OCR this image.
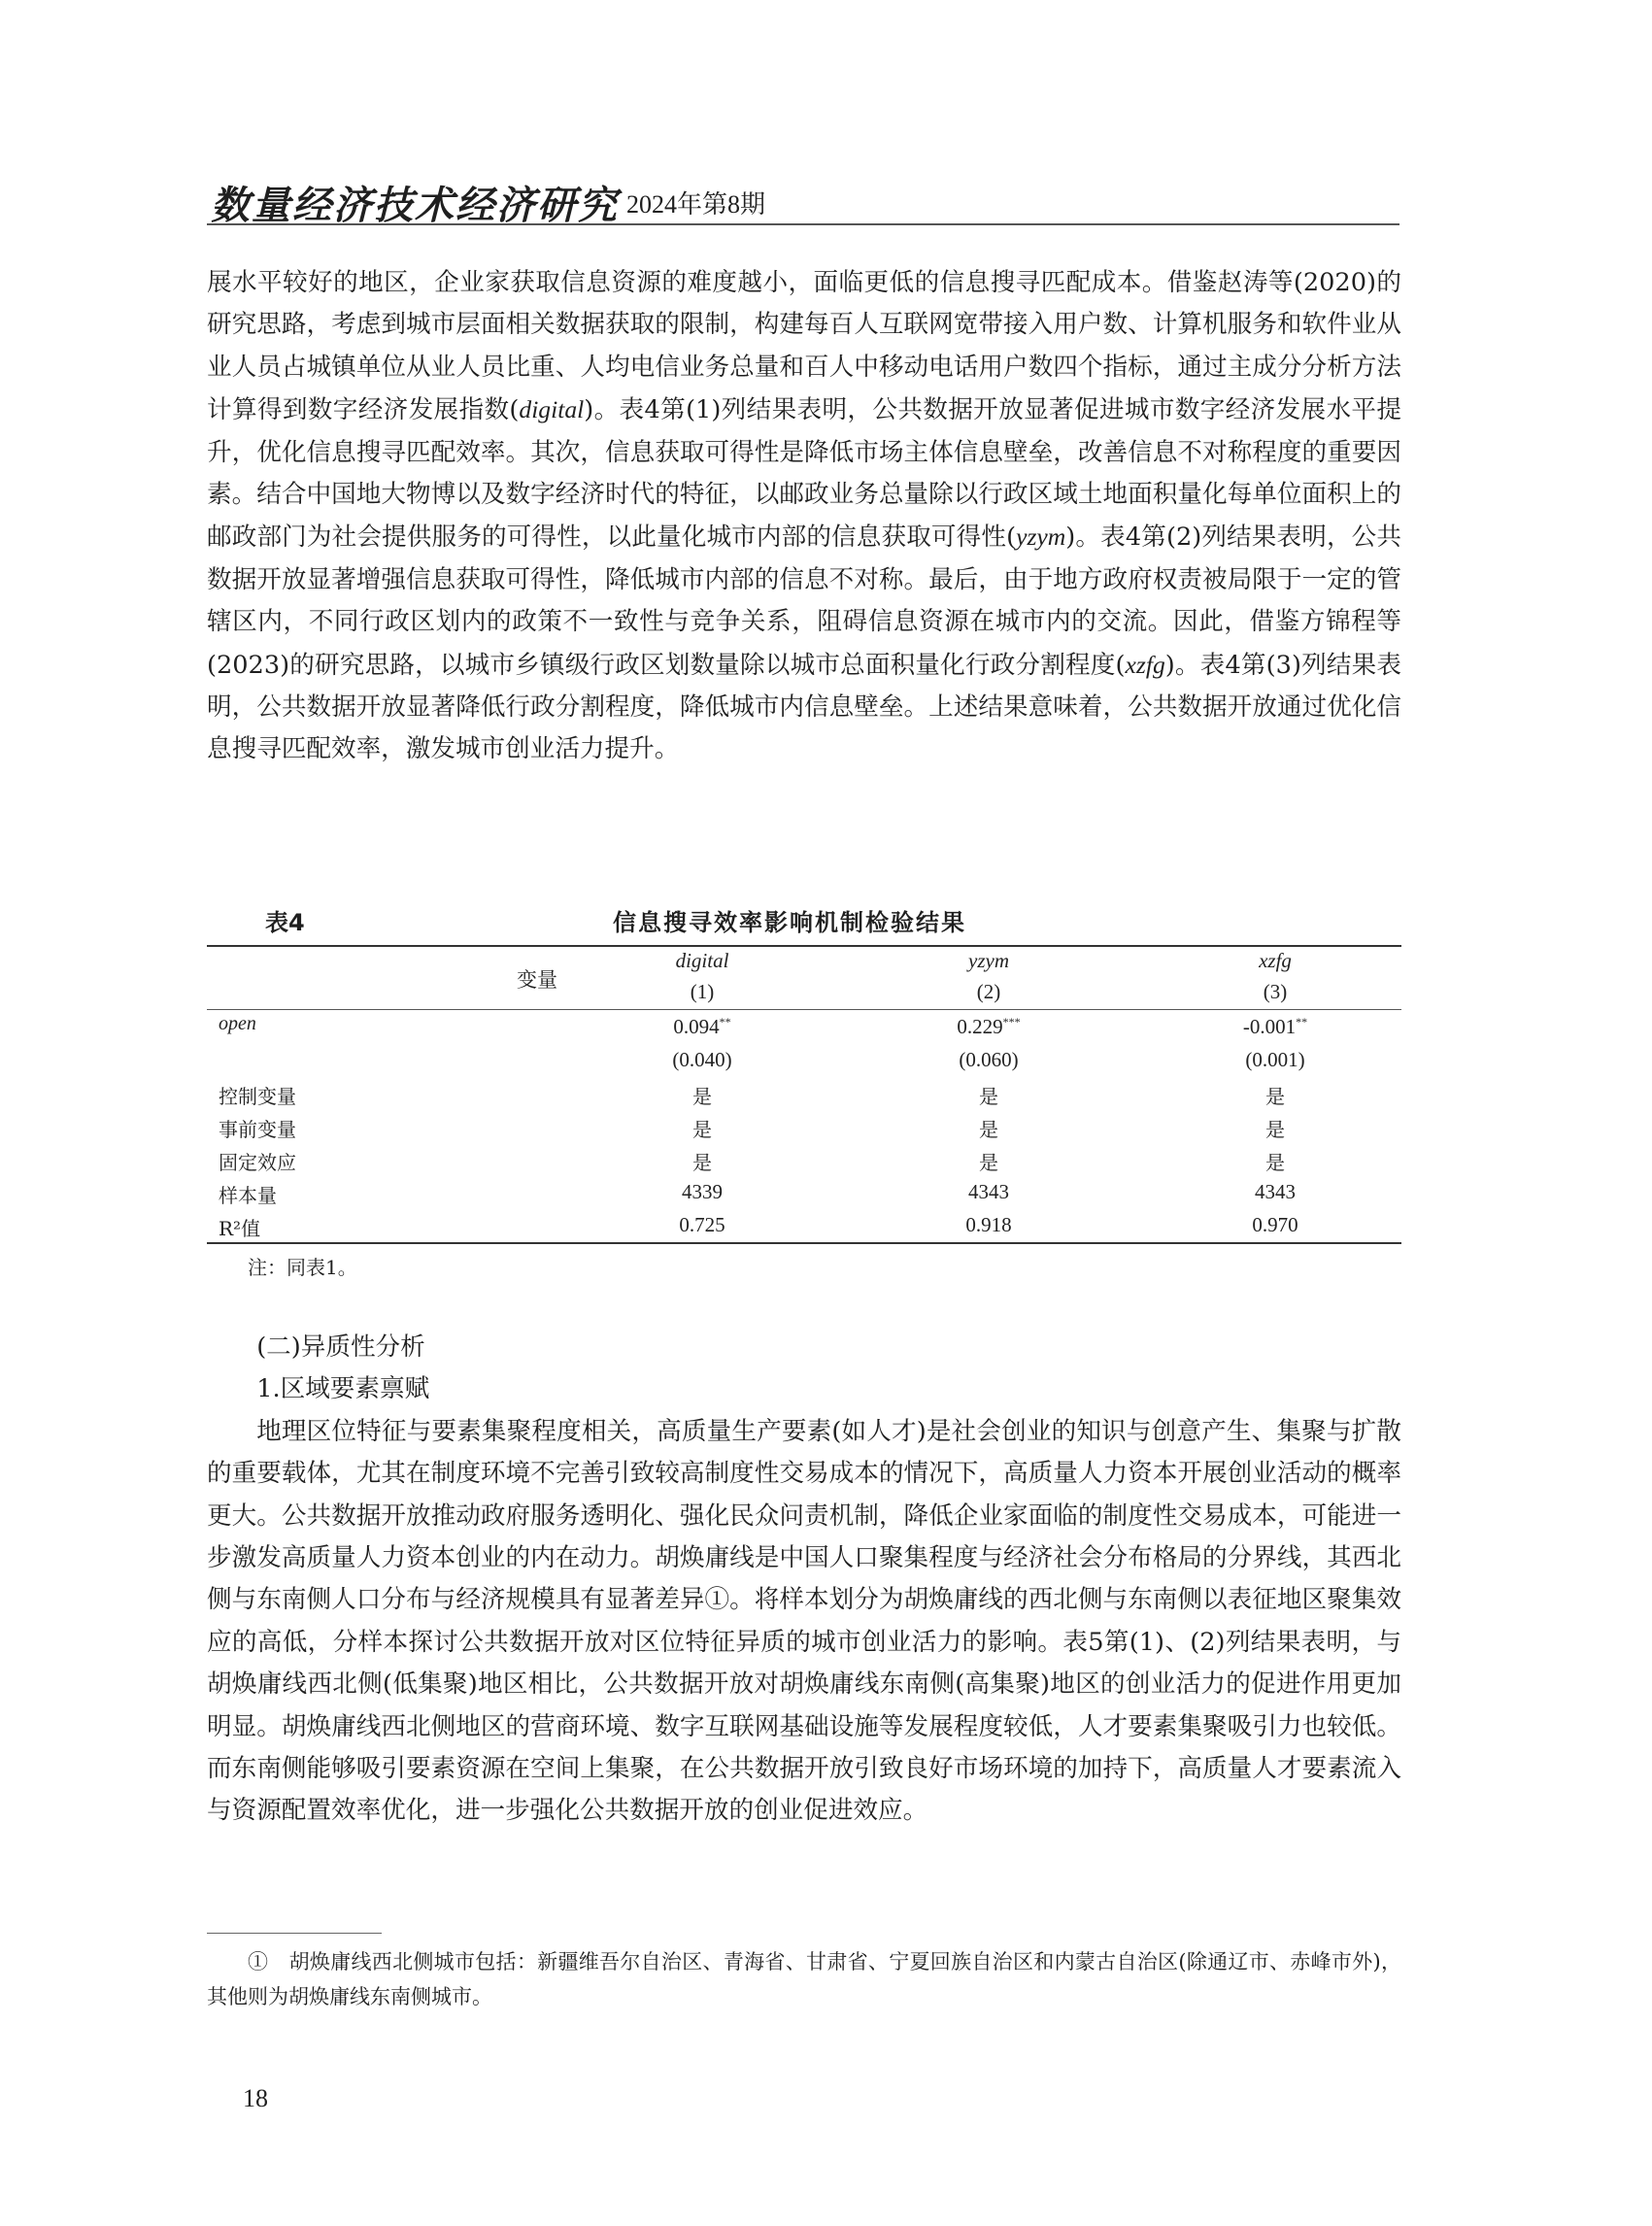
数量经济技术经济研究 2024年第8期

展水平较好的地区，企业家获取信息资源的难度越小，面临更低的信息搜寻匹配成本。借鉴赵涛等(2020)的研究思路，考虑到城市层面相关数据获取的限制，构建每百人互联网宽带接入用户数、计算机服务和软件业从业人员占城镇单位从业人员比重、人均电信业务总量和百人中移动电话用户数四个指标，通过主成分分析方法计算得到数字经济发展指数(digital)。表4第(1)列结果表明，公共数据开放显著促进城市数字经济发展水平提升，优化信息搜寻匹配效率。其次，信息获取可得性是降低市场主体信息壁垒，改善信息不对称程度的重要因素。结合中国地大物博以及数字经济时代的特征，以邮政业务总量除以行政区域土地面积量化每单位面积上的邮政部门为社会提供服务的可得性，以此量化城市内部的信息获取可得性(yzym)。表4第(2)列结果表明，公共数据开放显著增强信息获取可得性，降低城市内部的信息不对称。最后，由于地方政府权责被局限于一定的管辖区内，不同行政区划内的政策不一致性与竞争关系，阻碍信息资源在城市内的交流。因此，借鉴方锦程等(2023)的研究思路，以城市乡镇级行政区划数量除以城市总面积量化行政分割程度(xzfg)。表4第(3)列结果表明，公共数据开放显著降低行政分割程度，降低城市内信息壁垒。上述结果意味着，公共数据开放通过优化信息搜寻匹配效率，激发城市创业活力提升。

表4	信息搜寻效率影响机制检验结果
变量
digital	yzym	xzfg
(1)	(2)	(3)
open	0.094**	0.229***	-0.001**
(0.040)	(0.060)	(0.001)
控制变量	是	是	是
事前变量	是	是	是
固定效应	是	是	是
样本量	4339	4343	4343
R²值	0.725	0.918	0.970
注：同表1。

(二)异质性分析

1.区域要素禀赋

地理区位特征与要素集聚程度相关，高质量生产要素(如人才)是社会创业的知识与创意产生、集聚与扩散的重要载体，尤其在制度环境不完善引致较高制度性交易成本的情况下，高质量人力资本开展创业活动的概率更大。公共数据开放推动政府服务透明化、强化民众问责机制，降低企业家面临的制度性交易成本，可能进一步激发高质量人力资本创业的内在动力。胡焕庸线是中国人口聚集程度与经济社会分布格局的分界线，其西北侧与东南侧人口分布与经济规模具有显著差异①。将样本划分为胡焕庸线的西北侧与东南侧以表征地区聚集效应的高低，分样本探讨公共数据开放对区位特征异质的城市创业活力的影响。表5第(1)、(2)列结果表明，与胡焕庸线西北侧(低集聚)地区相比，公共数据开放对胡焕庸线东南侧(高集聚)地区的创业活力的促进作用更加明显。胡焕庸线西北侧地区的营商环境、数字互联网基础设施等发展程度较低，人才要素集聚吸引力也较低。而东南侧能够吸引要素资源在空间上集聚，在公共数据开放引致良好市场环境的加持下，高质量人才要素流入与资源配置效率优化，进一步强化公共数据开放的创业促进效应。

①　胡焕庸线西北侧城市包括：新疆维吾尔自治区、青海省、甘肃省、宁夏回族自治区和内蒙古自治区(除通辽市、赤峰市外)，其他则为胡焕庸线东南侧城市。

18
